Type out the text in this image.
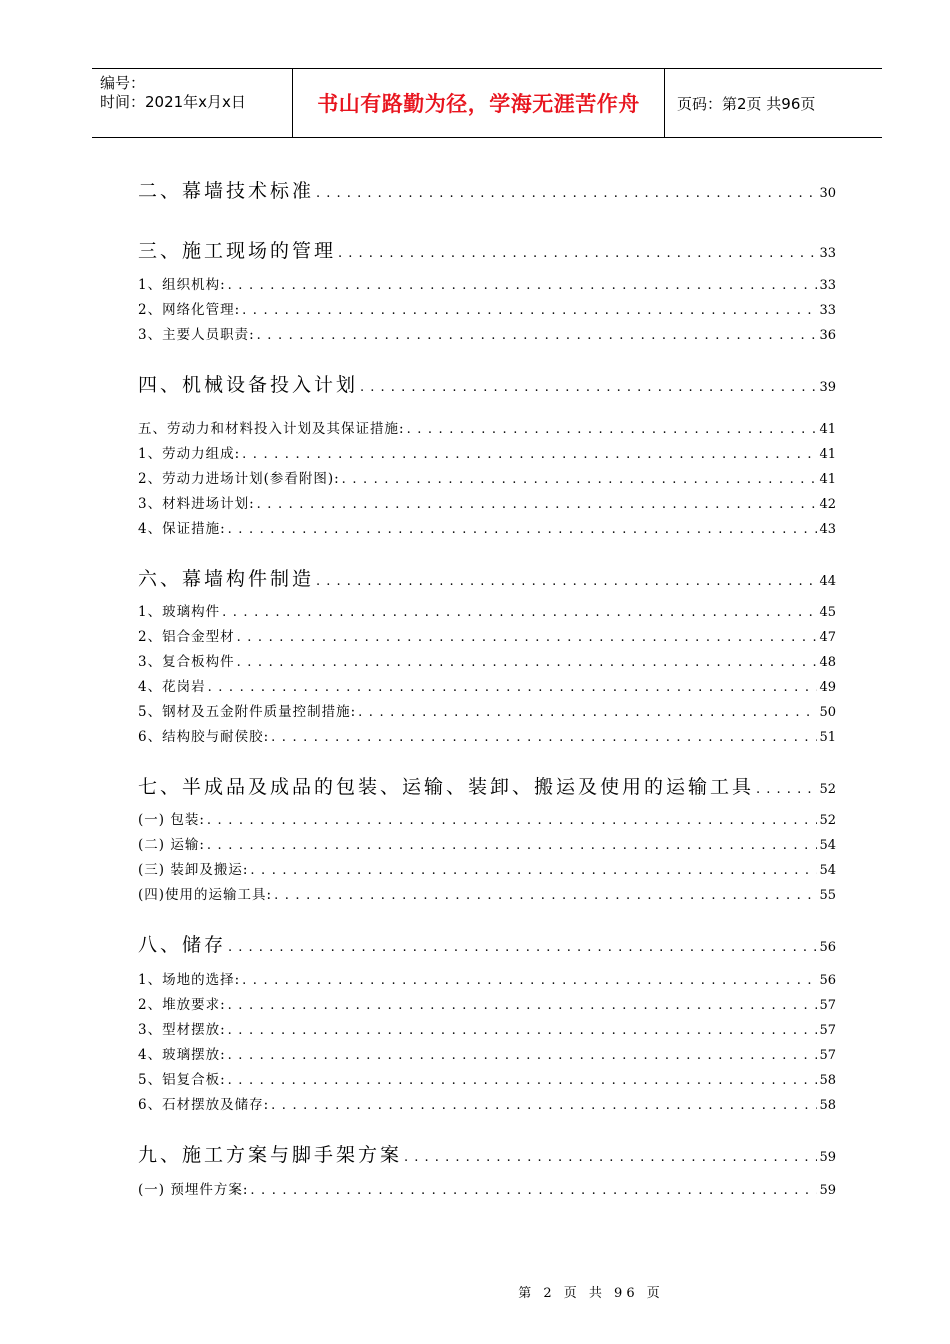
编号：
时间：2021年x月x日	书山有路勤为径，学海无涯苦作舟 页码：第2页 共96页
二、幕墙技术标准 . . .	30
三、施工现场的管理 . . .	33
1、组织机构: . . .	33
2、网络化管理: . . .	33
3、主要人员职责: . . .	36
四、机械设备投入计划 . . .	39
五、劳动力和材料投入计划及其保证措施: . . .	41
1、劳动力组成: . . .	41
2、劳动力进场计划(参看附图): . . .	41
3、材料进场计划: . . .	42
4、保证措施: . . .	43
六、幕墙构件制造 . . .	44
1、玻璃构件 . . .	45
2、铝合金型材 . . .	47
3、复合板构件 . . .	48
4、花岗岩 . . .	49
5、钢材及五金附件质量控制措施: . . .	50
6、结构胶与耐侯胶: . . .	51
七、半成品及成品的包装、运输、装卸、搬运及使用的运输工具 . . .	52
(一) 包装: . . .	52
(二) 运输: . . .	54
(三) 装卸及搬运: . . .	54
(四)使用的运输工具: . . .	55
八、储存 . . .	56
1、场地的选择: . . .	56
2、堆放要求: . . .	57
3、型材摆放: . . .	57
4、玻璃摆放: . . .	57
5、铝复合板: . . .	58
6、石材摆放及储存: . . .	58
九、施工方案与脚手架方案 . . .	59
(一) 预埋件方案: . . .	59
第 2 页 共 96 页
